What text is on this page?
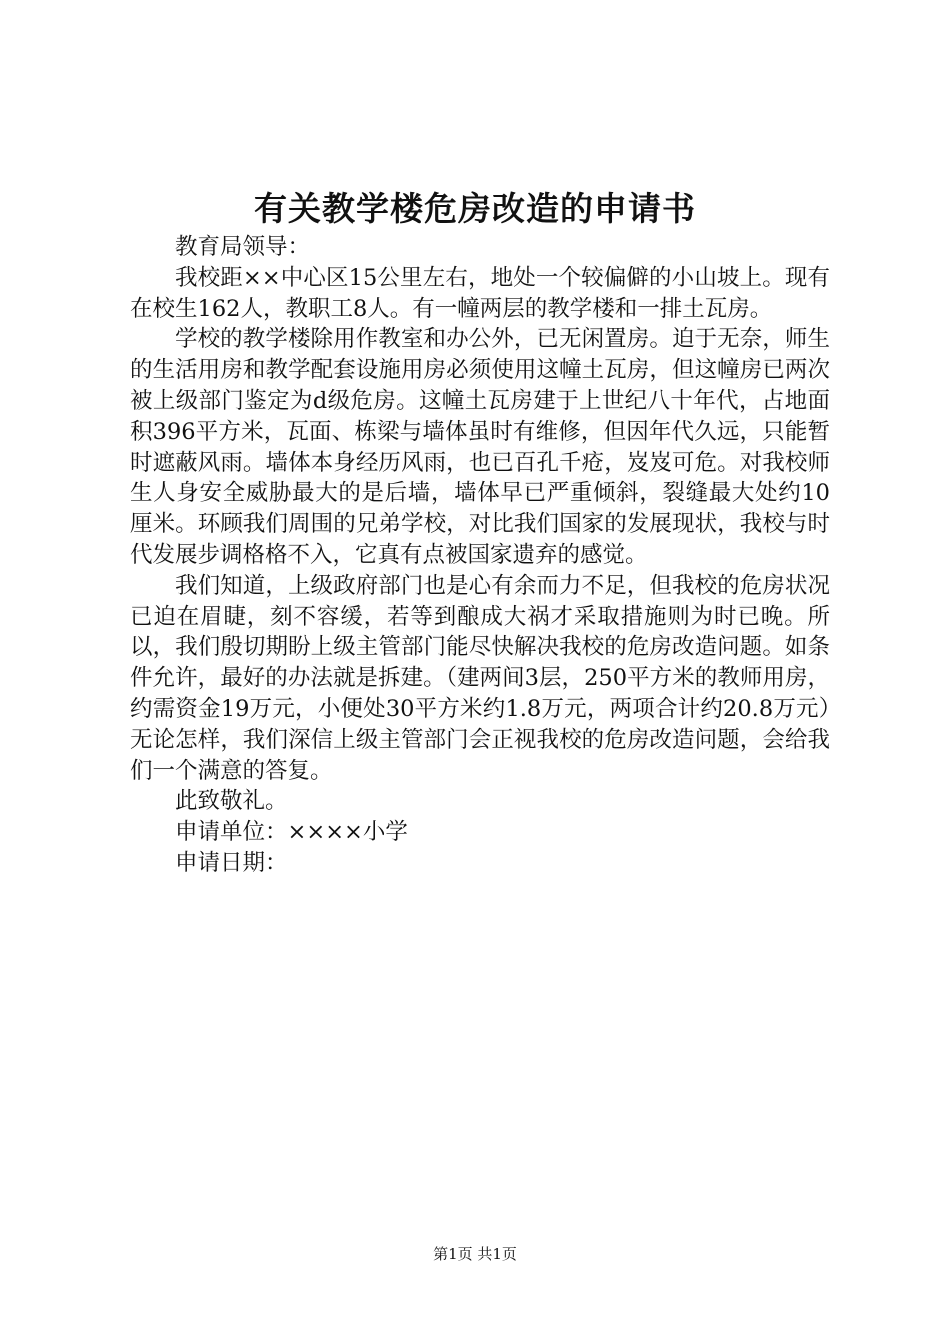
有关教学楼危房改造的申请书

教育局领导：

我校距××中心区15公里左右，地处一个较偏僻的小山坡上。现有在校生162人，教职工8人。有一幢两层的教学楼和一排土瓦房。

学校的教学楼除用作教室和办公外，已无闲置房。迫于无奈，师生的生活用房和教学配套设施用房必须使用这幢土瓦房，但这幢房已两次被上级部门鉴定为d级危房。这幢土瓦房建于上世纪八十年代，占地面积396平方米，瓦面、栋梁与墙体虽时有维修，但因年代久远，只能暂时遮蔽风雨。墙体本身经历风雨，也已百孔千疮，岌岌可危。对我校师生人身安全威胁最大的是后墙，墙体早已严重倾斜，裂缝最大处约10厘米。环顾我们周围的兄弟学校，对比我们国家的发展现状，我校与时代发展步调格格不入，它真有点被国家遗弃的感觉。

我们知道，上级政府部门也是心有余而力不足，但我校的危房状况已迫在眉睫，刻不容缓，若等到酿成大祸才采取措施则为时已晚。所以，我们殷切期盼上级主管部门能尽快解决我校的危房改造问题。如条件允许，最好的办法就是拆建。（建两间3层，250平方米的教师用房，约需资金19万元，小便处30平方米约1.8万元，两项合计约20.8万元）无论怎样，我们深信上级主管部门会正视我校的危房改造问题，会给我们一个满意的答复。

此致敬礼。

申请单位：××××小学

申请日期：

第1页 共1页
